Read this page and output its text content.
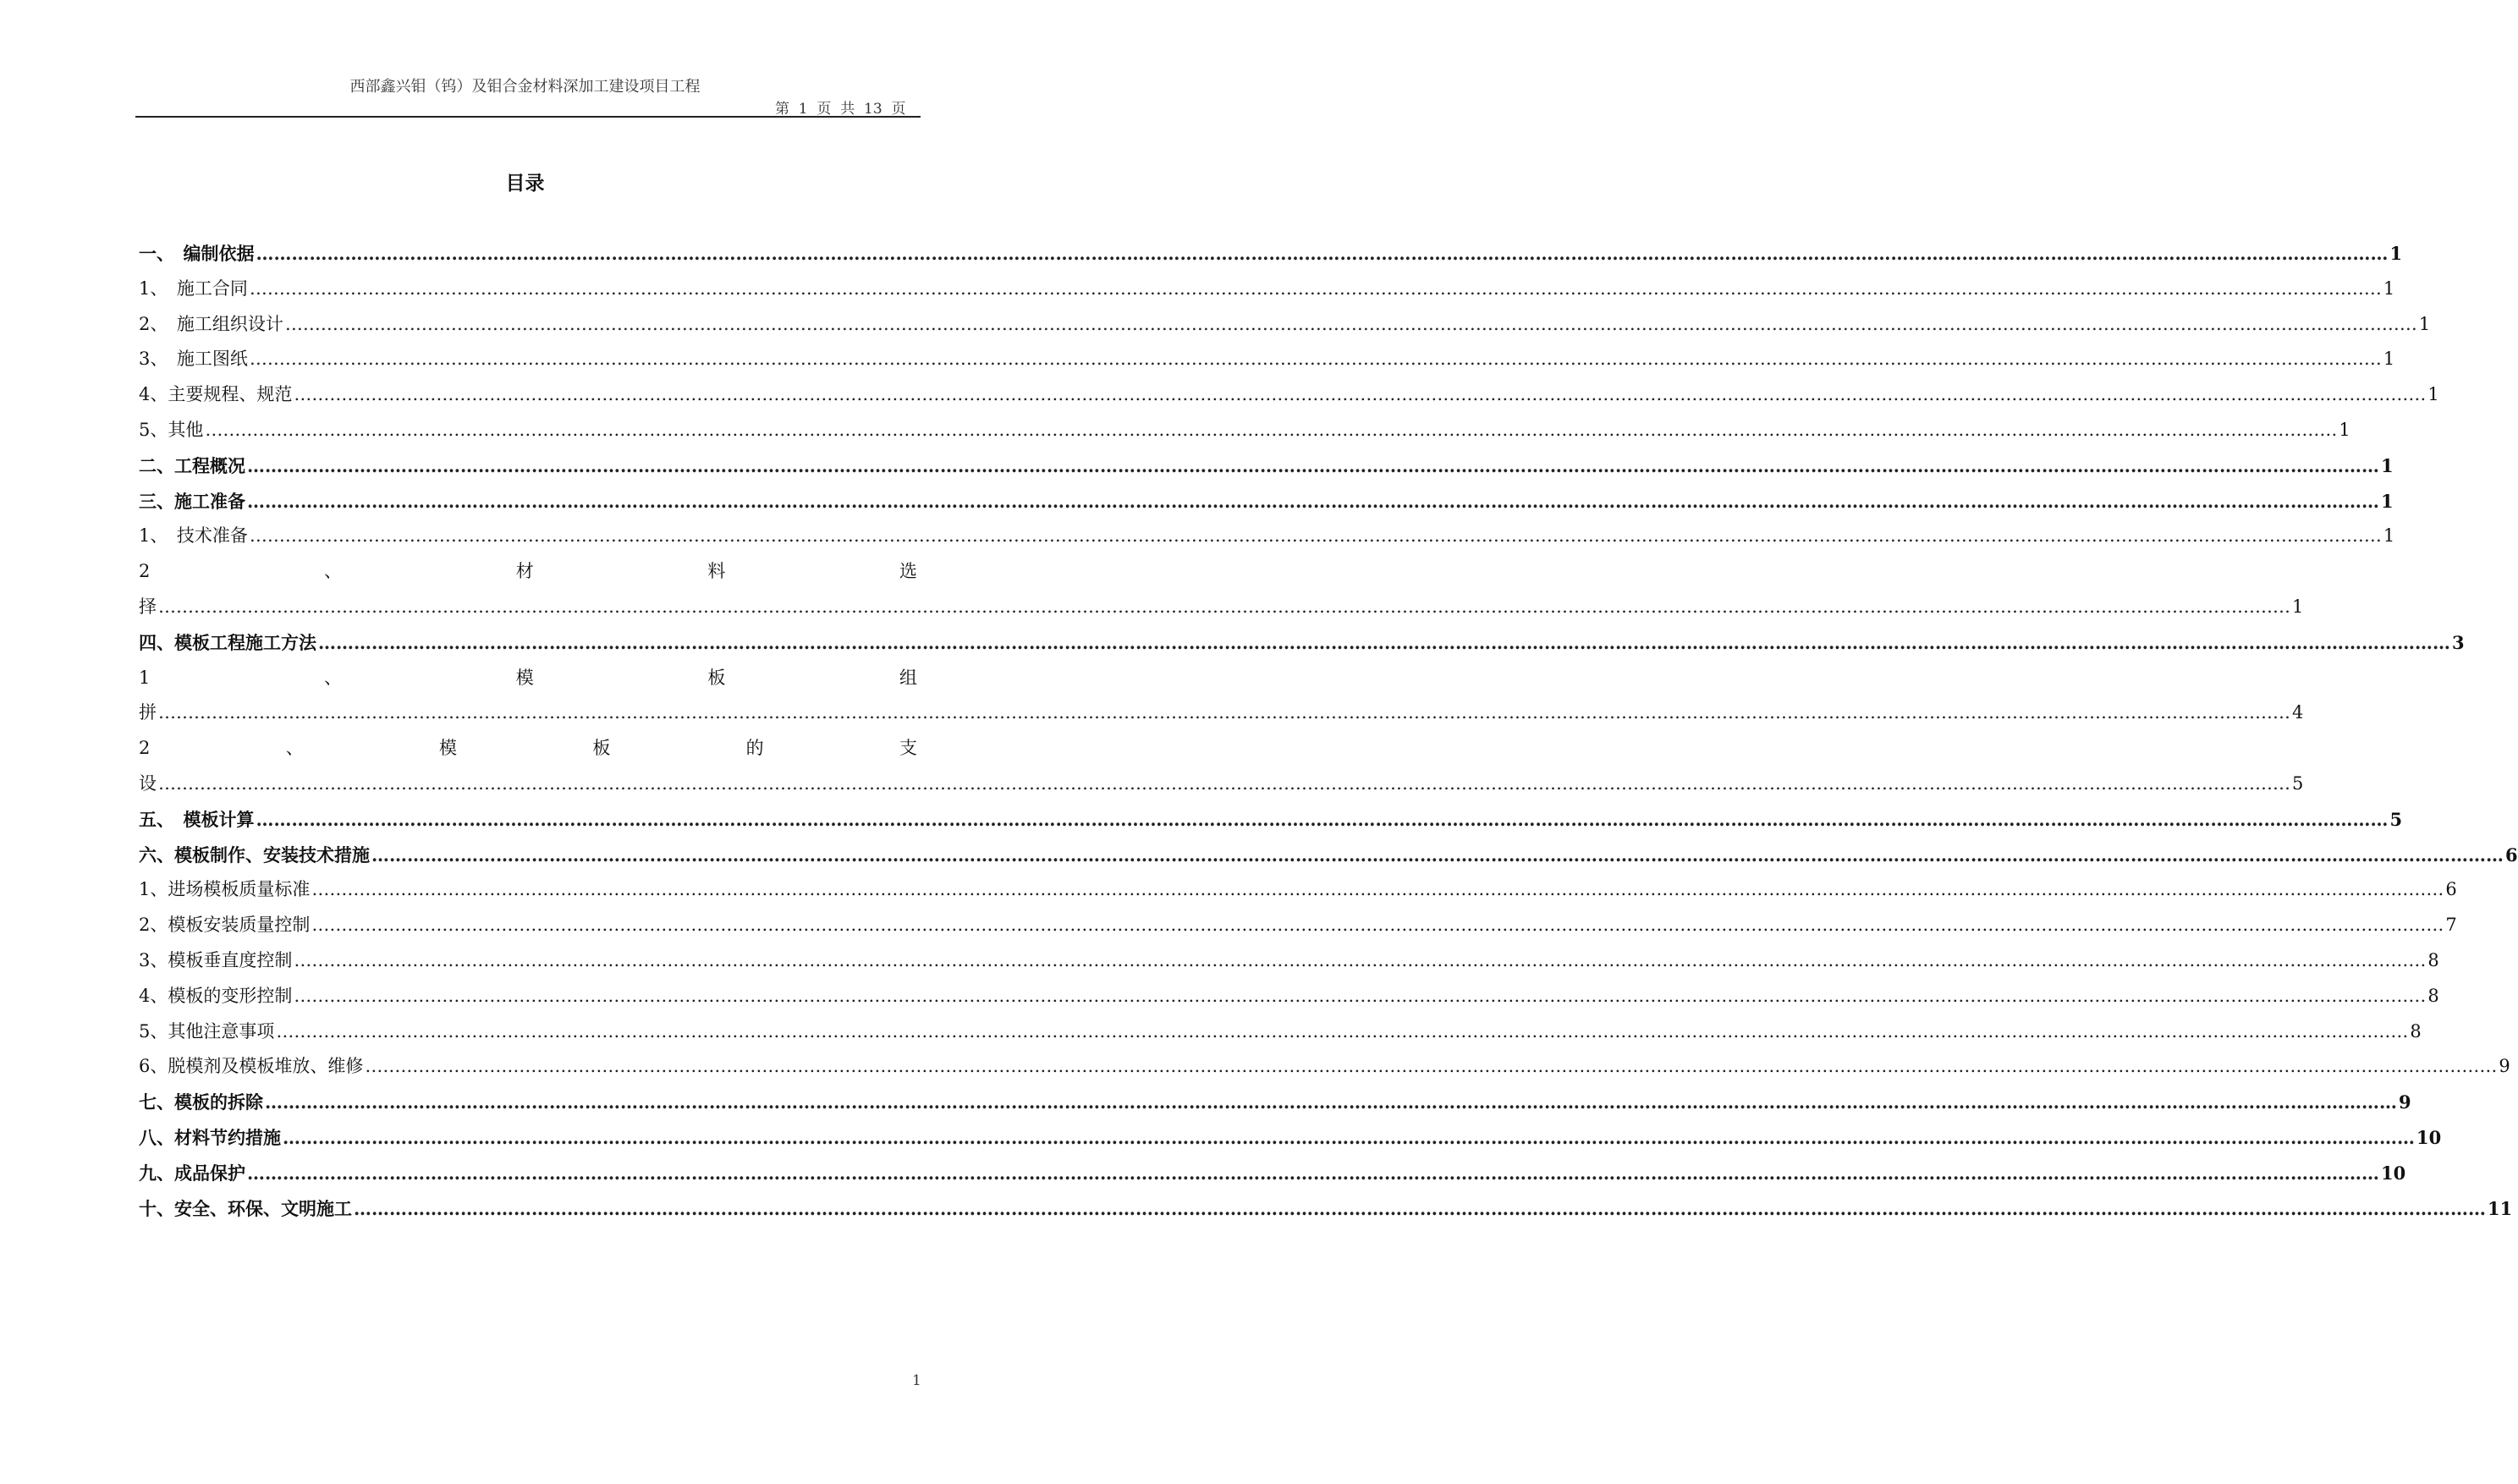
西部鑫兴钼（钨）及钼合金材料深加工建设项目工程
第  1  页  共  13  页
目录
一、　编制依据 ……………………………………………………………………………………………………………………………………………………………………………………………………………………………………………………………………………………………………………………………… 1
1、　施工合同 ……………………………………………………………………………………………………………………………………………………………………………………………………………………………………………………………………………………………………………………………… 1
2、　施工组织设计 ……………………………………………………………………………………………………………………………………………………………………………………………………………………………………………………………………………………………………………………………… 1
3、　施工图纸 ……………………………………………………………………………………………………………………………………………………………………………………………………………………………………………………………………………………………………………………………… 1
4、主要规程、规范 ……………………………………………………………………………………………………………………………………………………………………………………………………………………………………………………………………………………………………………………………… 1
5、其他 ……………………………………………………………………………………………………………………………………………………………………………………………………………………………………………………………………………………………………………………………… 1
二、工程概况 ……………………………………………………………………………………………………………………………………………………………………………………………………………………………………………………………………………………………………………………………… 1
三、施工准备 ……………………………………………………………………………………………………………………………………………………………………………………………………………………………………………………………………………………………………………………………… 1
1、　技术准备 ……………………………………………………………………………………………………………………………………………………………………………………………………………………………………………………………………………………………………………………………… 1
2	、	材	料	选
择 ……………………………………………………………………………………………………………………………………………………………………………………………………………………………………………………………………………………………………………………………… 1
四、模板工程施工方法 ……………………………………………………………………………………………………………………………………………………………………………………………………………………………………………………………………………………………………………………………… 3
1	、	模	板	组
拼 ……………………………………………………………………………………………………………………………………………………………………………………………………………………………………………………………………………………………………………………………… 4
2	、	模	板	的	支
设 ……………………………………………………………………………………………………………………………………………………………………………………………………………………………………………………………………………………………………………………………… 5
五、　模板计算 ……………………………………………………………………………………………………………………………………………………………………………………………………………………………………………………………………………………………………………………………… 5
六、模板制作、安装技术措施 ……………………………………………………………………………………………………………………………………………………………………………………………………………………………………………………………………………………………………………………………… 6
1、进场模板质量标准 ……………………………………………………………………………………………………………………………………………………………………………………………………………………………………………………………………………………………………………………………… 6
2、模板安装质量控制 ……………………………………………………………………………………………………………………………………………………………………………………………………………………………………………………………………………………………………………………………… 7
3、模板垂直度控制 ……………………………………………………………………………………………………………………………………………………………………………………………………………………………………………………………………………………………………………………………… 8
4、模板的变形控制 ……………………………………………………………………………………………………………………………………………………………………………………………………………………………………………………………………………………………………………………………… 8
5、其他注意事项 ……………………………………………………………………………………………………………………………………………………………………………………………………………………………………………………………………………………………………………………………… 8
6、脱模剂及模板堆放、维修 ……………………………………………………………………………………………………………………………………………………………………………………………………………………………………………………………………………………………………………………………… 9
七、模板的拆除 ……………………………………………………………………………………………………………………………………………………………………………………………………………………………………………………………………………………………………………………………… 9
八、材料节约措施 ……………………………………………………………………………………………………………………………………………………………………………………………………………………………………………………………………………………………………………………………… 10
九、成品保护 ……………………………………………………………………………………………………………………………………………………………………………………………………………………………………………………………………………………………………………………………… 10
十、安全、环保、文明施工 ……………………………………………………………………………………………………………………………………………………………………………………………………………………………………………………………………………………………………………………………… 11
1
